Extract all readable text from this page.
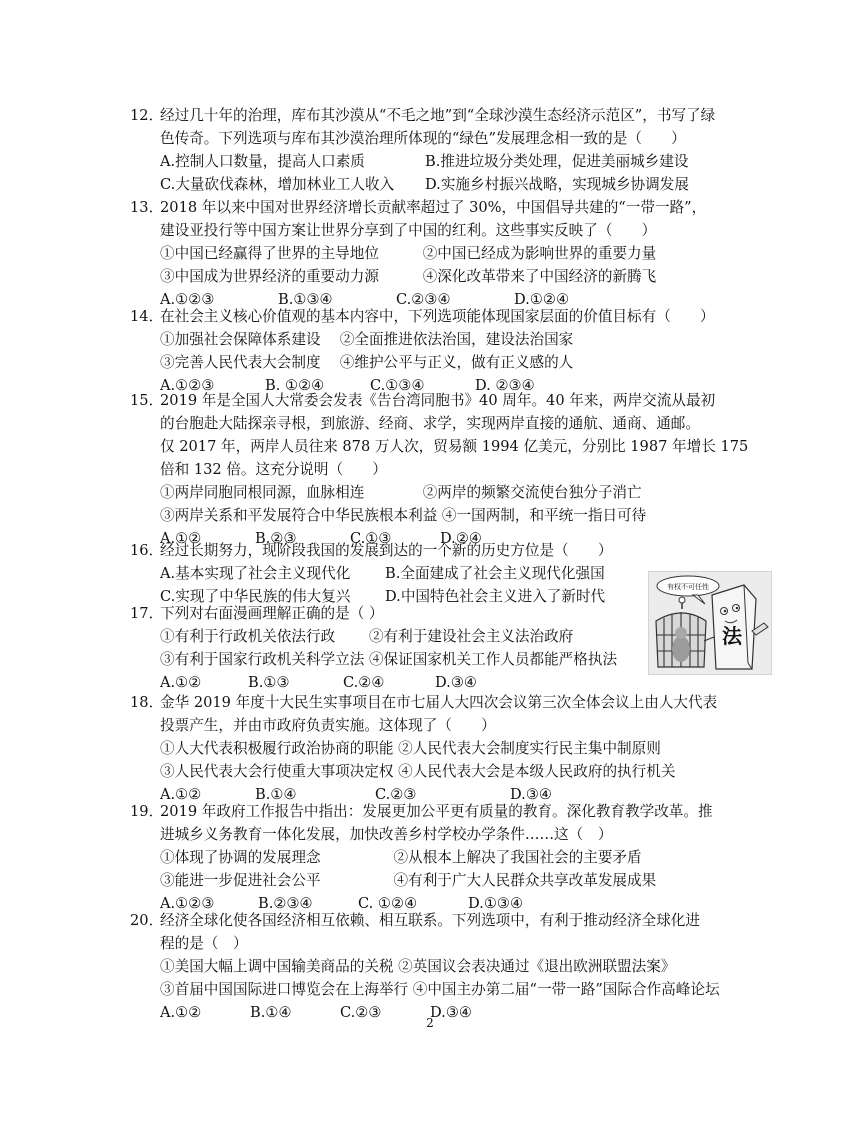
12．经过几十年的治理，库布其沙漠从“不毛之地”到“全球沙漠生态经济示范区”，书写了绿
色传奇。下列选项与库布其沙漠治理所体现的“绿色”发展理念相一致的是（　　）
A.控制人口数量，提高人口素质	B.推进垃圾分类处理，促进美丽城乡建设
C.大量砍伐森林，增加林业工人收入	D.实施乡村振兴战略，实现城乡协调发展
13．2018 年以来中国对世界经济增长贡献率超过了 30%，中国倡导共建的“一带一路”，
建设亚投行等中国方案让世界分享到了中国的红利。这些事实反映了（　　）
①中国已经赢得了世界的主导地位　　　②中国已经成为影响世界的重要力量
③中国成为世界经济的重要动力源　　　④深化改革带来了中国经济的新腾飞
A.①②③	B.①③④	C.②③④	D.①②④
14．在社会主义核心价值观的基本内容中，下列选项能体现国家层面的价值目标有（　　）
①加强社会保障体系建设　 ②全面推进依法治国，建设法治国家
③完善人民代表大会制度　 ④维护公平与正义，做有正义感的人
A.①②③	B. ①②④	C.①③④	D. ②③④
15．2019 年是全国人大常委会发表《告台湾同胞书》40 周年。40 年来，两岸交流从最初
的台胞赴大陆探亲寻根，到旅游、经商、求学，实现两岸直接的通航、通商、通邮。
仅 2017 年，两岸人员往来 878 万人次，贸易额 1994 亿美元，分别比 1987 年增长 175
倍和 132 倍。这充分说明（　　）
①两岸同胞同根同源，血脉相连　　　　②两岸的频繁交流使台独分子消亡
③两岸关系和平发展符合中华民族根本利益 ④一国两制，和平统一指日可待
A.①②	B.②③	C.①③	D.②④
16．经过长期努力，现阶段我国的发展到达的一个新的历史方位是（　　）
A.基本实现了社会主义现代化	B.全面建成了社会主义现代化强国
C.实现了中华民族的伟大复兴	D.中国特色社会主义进入了新时代
17．下列对右面漫画理解正确的是（ ）
①有利于行政机关依法行政　　 ②有利于建设社会主义法治政府
③有利于国家行政机关科学立法 ④保证国家机关工作人员都能严格执法
A.①②	B.①③	C.②④	D.③④
18．金华 2019 年度十大民生实事项目在市七届人大四次会议第三次全体会议上由人大代表
投票产生，并由市政府负责实施。这体现了（　　）
①人大代表积极履行政治协商的职能 ②人民代表大会制度实行民主集中制原则
③人民代表大会行使重大事项决定权 ④人民代表大会是本级人民政府的执行机关
A.①②	B.①④	C.②③	D.③④
19．2019 年政府工作报告中指出：发展更加公平更有质量的教育。深化教育教学改革。推
进城乡义务教育一体化发展，加快改善乡村学校办学条件……这（　）
①体现了协调的发展理念　　　　　②从根本上解决了我国社会的主要矛盾
③能进一步促进社会公平　　　　　④有利于广大人民群众共享改革发展成果
A.①②③	B.②③④	C. ①②④	D.①③④
20．经济全球化使各国经济相互依赖、相互联系。下列选项中，有利于推动经济全球化进
程的是（　）
①美国大幅上调中国输美商品的关税 ②英国议会表决通过《退出欧洲联盟法案》
③首届中国国际进口博览会在上海举行 ④中国主办第二届“一带一路”国际合作高峰论坛
A.①②	B.①④	C.②③	D.③④
有权不可任性
法
2
